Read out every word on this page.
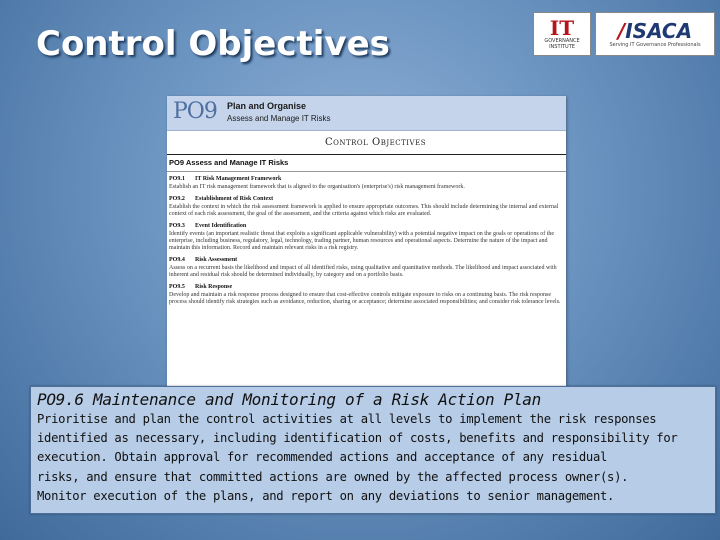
Control Objectives	IT
GOVERNANCE INSTITUTE
/ISACA
Serving IT Governance Professionals
PO9 Plan and Organise
Assess and Manage IT Risks
Control Objectives
PO9 Assess and Manage IT Risks
PO9.1 IT Risk Management Framework
Establish an IT risk management framework that is aligned to the organisation's (enterprise's) risk management framework.
PO9.2 Establishment of Risk Context
Establish the context in which the risk assessment framework is applied to ensure appropriate outcomes. This should include determining the internal and external context of each risk assessment, the goal of the assessment, and the criteria against which risks are evaluated.
PO9.3 Event Identification
Identify events (an important realistic threat that exploits a significant applicable vulnerability) with a potential negative impact on the goals or operations of the enterprise, including business, regulatory, legal, technology, trading partner, human resources and operational aspects. Determine the nature of the impact and maintain this information. Record and maintain relevant risks in a risk registry.
PO9.4 Risk Assessment
Assess on a recurrent basis the likelihood and impact of all identified risks, using qualitative and quantitative methods. The likelihood and impact associated with inherent and residual risk should be determined individually, by category and on a portfolio basis.
PO9.5 Risk Response
Develop and maintain a risk response process designed to ensure that cost-effective controls mitigate exposure to risks on a continuing basis. The risk response process should identify risk strategies such as avoidance, reduction, sharing or acceptance; determine associated responsibilities; and consider risk tolerance levels.
PO9.6 Maintenance and Monitoring of a Risk Action Plan
Prioritise and plan the control activities at all levels to implement the risk responses
identified as necessary, including identification of costs, benefits and responsibility for
execution. Obtain approval for recommended actions and acceptance of any residual
risks, and ensure that committed actions are owned by the affected process owner(s).
Monitor execution of the plans, and report on any deviations to senior management.
